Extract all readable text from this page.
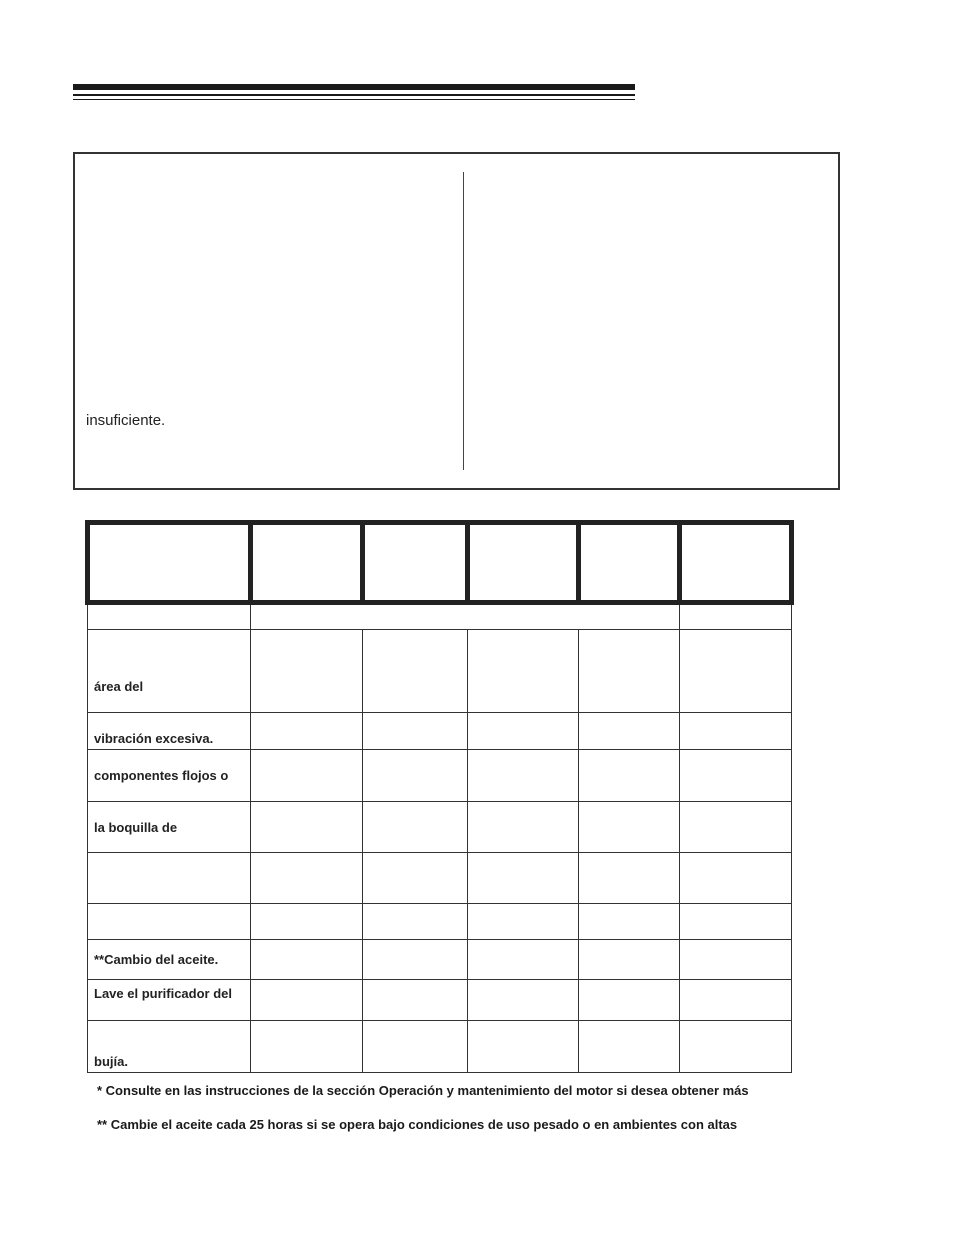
insuficiente.

área del					

vibración excesiva.					

componentes flojos o					

la boquilla de					

**Cambio del aceite.					

Lave el purificador del					

bujía.					

* Consulte en las instrucciones de la sección Operación y mantenimiento del motor si desea obtener más
** Cambie el aceite cada 25 horas si se opera bajo condiciones de uso pesado o en ambientes con altas
